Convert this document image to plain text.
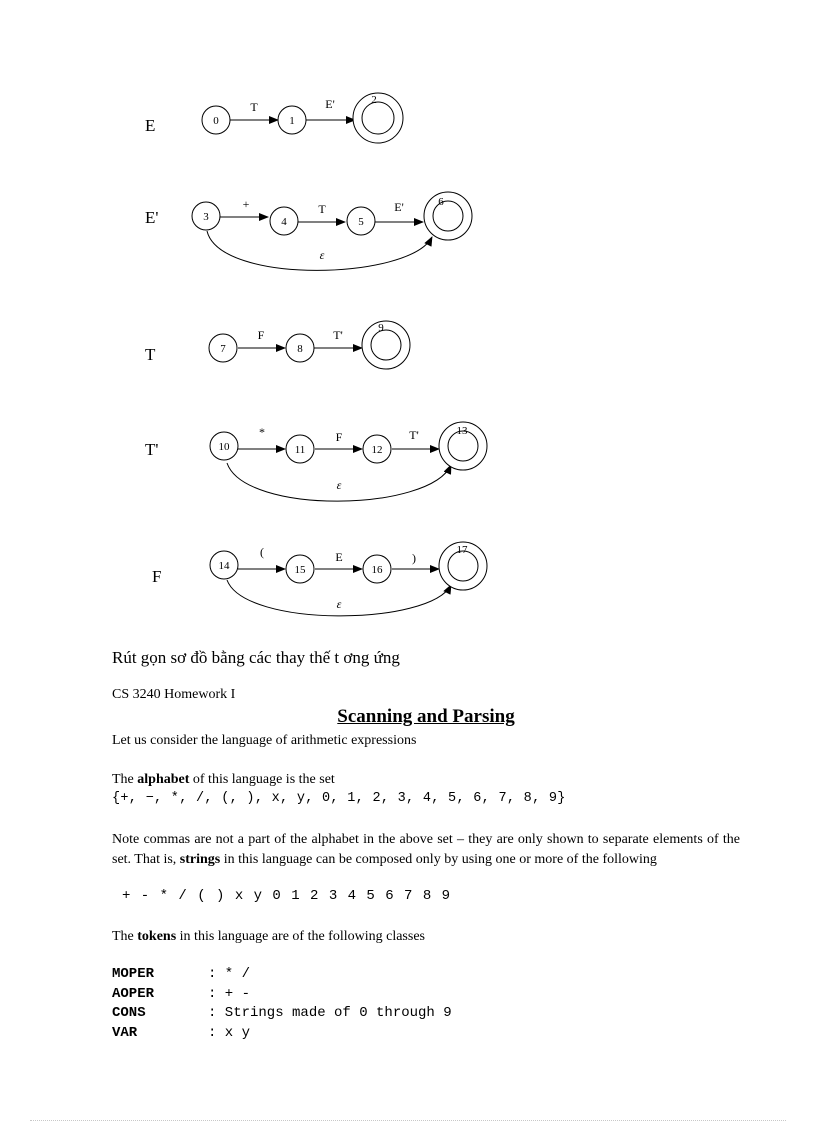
E
T	E'
0	1
2
E'
+	T	E'
ε
3	4	5
6
T
F	T'
7	8
9
T'
*	F	T'
ε
10	11	12
13
F
(	E	)
ε
14	15	16
17
Rút gọn sơ đồ bằng các thay thế t ơng ứng
CS 3240 Homework I
Scanning and Parsing
Let us consider the language of arithmetic expressions
The alphabet of this language is the set
{+, −, *, /, (, ), x, y, 0, 1, 2, 3, 4, 5, 6, 7, 8, 9}
Note commas are not a part of the alphabet in the above set – they are only shown to separate elements of the set. That is, strings in this language can be composed only by using one or more of the following
+ - * / ( ) x y 0 1 2 3 4 5 6 7 8 9
The tokens in this language are of the following classes
MOPER	: * /
AOPER	: + -
CONS	: Strings made of 0 through 9
VAR	: x y
